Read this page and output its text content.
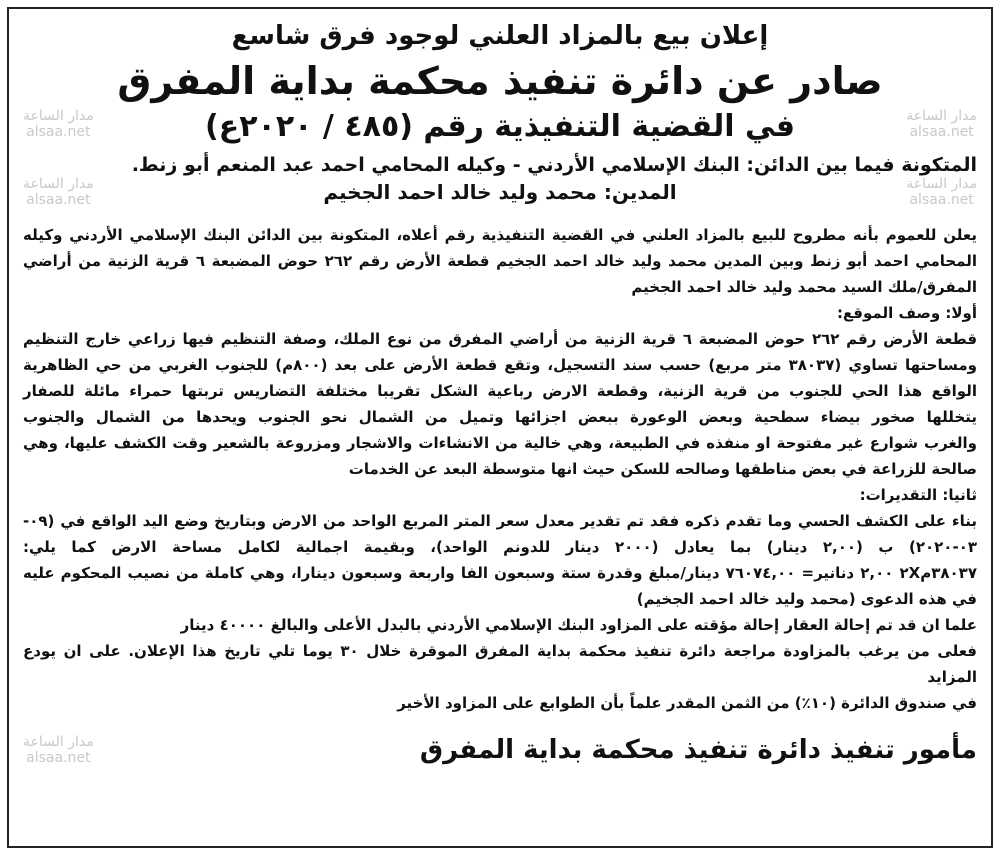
إعلان بيع بالمزاد العلني لوجود فرق شاسع
صادر عن دائرة تنفيذ محكمة بداية المفرق
مدار الساعة
alsaa.net
في القضية التنفيذية رقم (٤٨٥ / ٢٠٢٠ع)
مدار الساعة
alsaa.net
المتكونة فيما بين الدائن: البنك الإسلامي الأردني - وكيله المحامي احمد عبد المنعم أبو زنط.
مدار الساعة
alsaa.net
المدين: محمد وليد خالد احمد الجخيم
مدار الساعة
alsaa.net
يعلن للعموم بأنه مطروح للبيع بالمزاد العلني في القضية التنفيذية رقم أعلاه، المتكونة بين الدائن البنك الإسلامي الأردني وكيله
المحامي احمد أبو زنط وبين المدين محمد وليد خالد احمد الجخيم قطعة الأرض رقم ٢٦٢ حوض المضبعة ٦ قرية الزنية من أراضي
المفرق/ملك السيد محمد وليد خالد احمد الجخيم
أولا: وصف الموقع:
قطعة الأرض رقم ٢٦٢ حوض المضبعة ٦ قرية الزنية من أراضي المفرق من نوع الملك، وصفة التنظيم فيها زراعي خارج التنظيم
ومساحتها تساوي (٣٨٠٣٧ متر مربع) حسب سند التسجيل، وتقع قطعة الأرض على بعد (٨٠٠م) للجنوب الغربي من حي الظاهرية
الواقع هذا الحي للجنوب من قرية الزنية، وقطعة الارض رباعية الشكل تقريبا مختلفة التضاريس تربتها حمراء مائلة للصفار
يتخللها صخور بيضاء سطحية وبعض الوعورة ببعض اجزائها وتميل من الشمال نحو الجنوب ويحدها من الشمال والجنوب
والغرب شوارع غير مفتوحة او منفذه في الطبيعة، وهي خالية من الانشاءات والاشجار ومزروعة بالشعير وقت الكشف عليها، وهي
صالحة للزراعة في بعض مناطقها وصالحه للسكن حيث انها متوسطة البعد عن الخدمات
ثانيا: التقديرات:
بناء على الكشف الحسي وما تقدم ذكره فقد تم تقدير معدل سعر المتر المربع الواحد من الارض وبتاريخ وضع اليد الواقع في (٠٩-
٠٣-٢٠٢٠) ب (٢,٠٠ دينار) بما يعادل (٢٠٠٠ دينار للدونم الواحد)، وبقيمة اجمالية لكامل مساحة الارض كما يلي:
٣٨٠٣٧م٢X ٢,٠٠ دنانير= ٧٦٠٧٤,٠٠ دينار/مبلغ وقدرة ستة وسبعون الفا واربعة وسبعون دينارا، وهي كاملة من نصيب المحكوم عليه
في هذه الدعوى (محمد وليد خالد احمد الجخيم)
علما ان قد تم إحالة العقار إحالة مؤقته على المزاود البنك الإسلامي الأردني بالبدل الأعلى والبالغ ٤٠٠٠٠ دينار
فعلى من يرغب بالمزاودة مراجعة دائرة تنفيذ محكمة بداية المفرق الموقرة خلال ٣٠ يوما تلي تاريخ هذا الإعلان. على ان يودع المزايد
في صندوق الدائرة (١٠٪) من الثمن المقدر علماً بأن الطوابع على المزاود الأخير
مأمور تنفيذ دائرة تنفيذ محكمة بداية المفرق
مدار الساعة
alsaa.net
